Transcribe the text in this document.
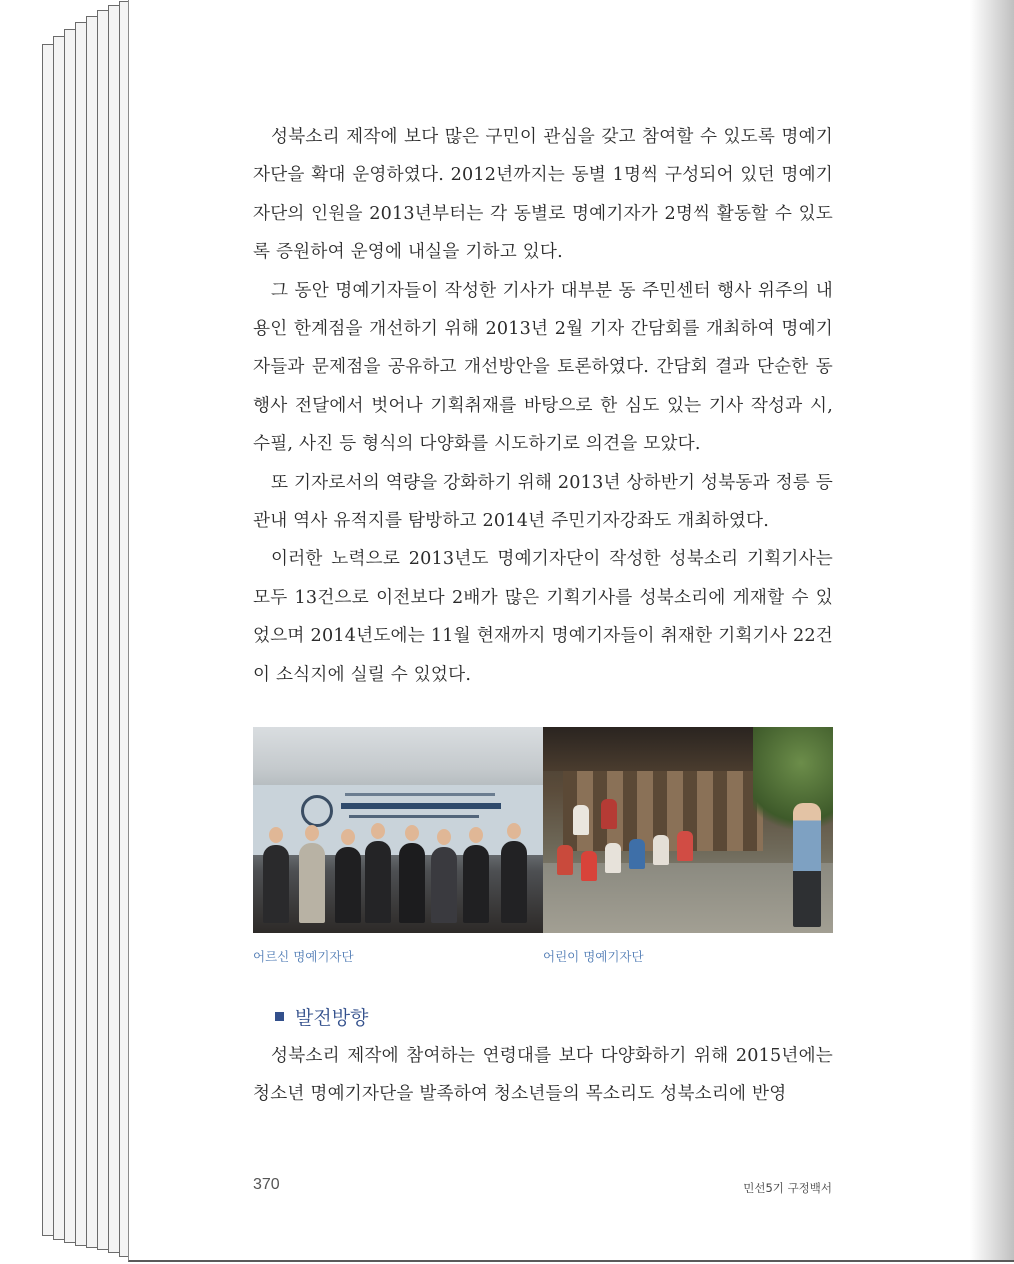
성북소리 제작에 보다 많은 구민이 관심을 갖고 참여할 수 있도록 명예기자단을 확대 운영하였다. 2012년까지는 동별 1명씩 구성되어 있던 명예기자단의 인원을 2013년부터는 각 동별로 명예기자가 2명씩 활동할 수 있도록 증원하여 운영에 내실을 기하고 있다.

그 동안 명예기자들이 작성한 기사가 대부분 동 주민센터 행사 위주의 내용인 한계점을 개선하기 위해 2013년 2월 기자 간담회를 개최하여 명예기자들과 문제점을 공유하고 개선방안을 토론하였다. 간담회 결과 단순한 동 행사 전달에서 벗어나 기획취재를 바탕으로 한 심도 있는 기사 작성과 시, 수필, 사진 등 형식의 다양화를 시도하기로 의견을 모았다.

또 기자로서의 역량을 강화하기 위해 2013년 상하반기 성북동과 정릉 등 관내 역사 유적지를 탐방하고 2014년 주민기자강좌도 개최하였다.

이러한 노력으로 2013년도 명예기자단이 작성한 성북소리 기획기사는 모두 13건으로 이전보다 2배가 많은 기획기사를 성북소리에 게재할 수 있었으며 2014년도에는 11월 현재까지 명예기자들이 취재한 기획기사 22건이 소식지에 실릴 수 있었다.

어르신 명예기자단	어린이 명예기자단
발전방향

성북소리 제작에 참여하는 연령대를 보다 다양화하기 위해 2015년에는 청소년 명예기자단을 발족하여 청소년들의 목소리도 성북소리에 반영

370	민선5기 구정백서
